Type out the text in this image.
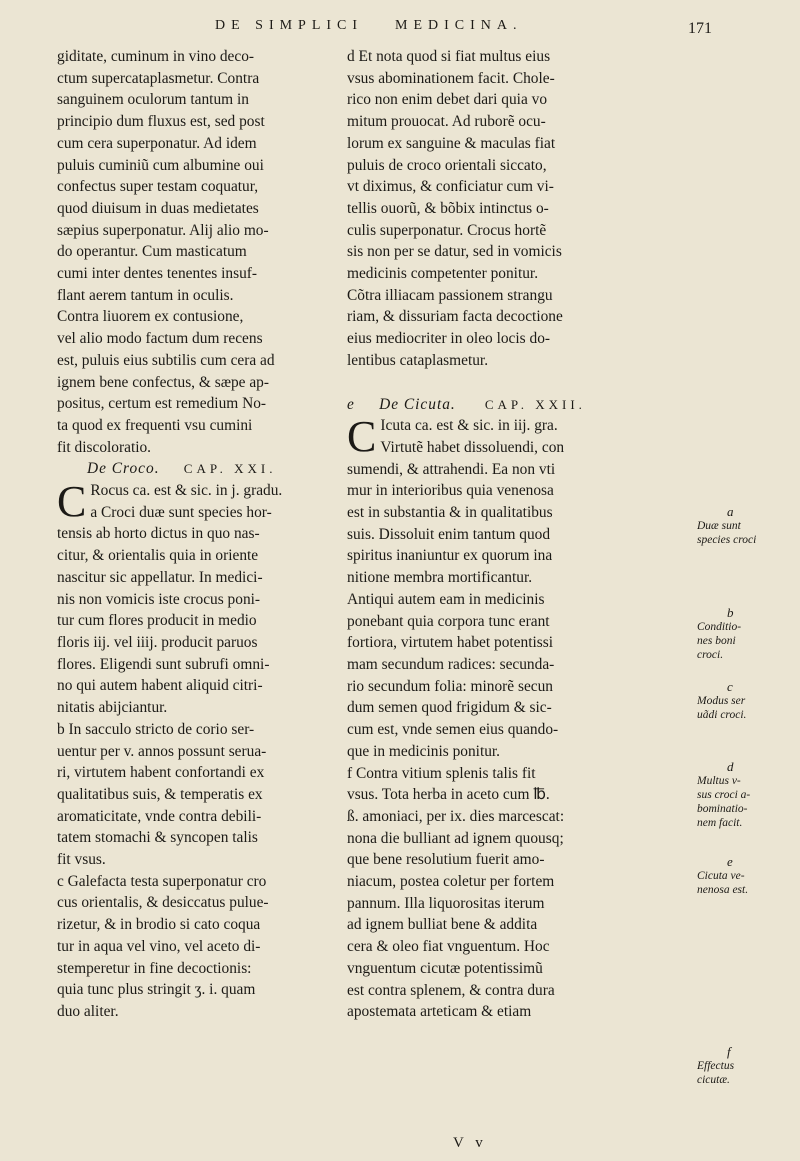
DE SIMPLICI MEDICINA.	171
giditate, cuminum in vino deco-
ctum supercataplasmetur. Contra
sanguinem oculorum tantum in
principio dum fluxus est, sed post
cum cera superponatur. Ad idem
puluis cuminiũ cum albumine oui
confectus super testam coquatur,
quod diuisum in duas medietates
sæpius superponatur. Alij alio mo-
do operantur. Cum masticatum
cumi inter dentes tenentes insuf-
flant aerem tantum in oculis.
Contra liuorem ex contusione,
vel alio modo factum dum recens
est, puluis eius subtilis cum cera ad
ignem bene confectus, & sæpe ap-
positus, certum est remedium No-
ta quod ex frequenti vsu cumini
fit discoloratio.
De Croco. CAP. XXI.
C Rocus ca. est & sic. in j. gradu.
a Croci duæ sunt species hor-
tensis ab horto dictus in quo nas-
citur, & orientalis quia in oriente
nascitur sic appellatur. In medici-
nis non vomicis iste crocus poni-
tur cum flores producit in medio
floris iij. vel iiij. producit paruos
flores. Eligendi sunt subrufi omni-
no qui autem habent aliquid citri-
nitatis abijciantur.
b In sacculo stricto de corio ser-
uentur per v. annos possunt serua-
ri, virtutem habent confortandi ex
qualitatibus suis, & temperatis ex
aromaticitate, vnde contra debili-
tatem stomachi & syncopen talis
fit vsus.
c Galefacta testa superponatur cro
cus orientalis, & desiccatus pulue-
rizetur, & in brodio si cato coqua
tur in aqua vel vino, vel aceto di-
stemperetur in fine decoctionis:
quia tunc plus stringit ʒ. i. quam
duo aliter.
d Et nota quod si fiat multus eius
vsus abominationem facit. Chole-
rico non enim debet dari quia vo
mitum prouocat. Ad ruborẽ ocu-
lorum ex sanguine & maculas fiat
puluis de croco orientali siccato,
vt diximus, & conficiatur cum vi-
tellis ouorũ, & bõbix intinctus o-
culis superponatur. Crocus hortẽ
sis non per se datur, sed in vomicis
medicinis competenter ponitur.
Cõtra illiacam passionem strangu
riam, & dissuriam facta decoctione
eius mediocriter in oleo locis do-
lentibus cataplasmetur.
e De Cicuta. CAP. XXII.
C Icuta ca. est & sic. in iij. gra.
Virtutẽ habet dissoluendi, con
sumendi, & attrahendi. Ea non vti
mur in interioribus quia venenosa
est in substantia & in qualitatibus
suis. Dissoluit enim tantum quod
spiritus inaniuntur ex quorum ina
nitione membra mortificantur.
Antiqui autem eam in medicinis
ponebant quia corpora tunc erant
fortiora, virtutem habet potentissi
mam secundum radices: secunda-
rio secundum folia: minorẽ secun
dum semen quod frigidum & sic-
cum est, vnde semen eius quando-
que in medicinis ponitur.
f Contra vitium splenis talis fit
vsus. Tota herba in aceto cum ℔.
ß. amoniaci, per ix. dies marcescat:
nona die bulliant ad ignem quousq;
que bene resolutium fuerit amo-
niacum, postea coletur per fortem
pannum. Illa liquorositas iterum
ad ignem bulliat bene & addita
cera & oleo fiat vnguentum. Hoc
vnguentum cicutæ potentissimũ
est contra splenem, & contra dura
apostemata arteticam & etiam
a
Duæ sunt
species croci
b
Conditio-
nes boni
croci.
c
Modus ser
uãdi croci.
d
Multus v-
sus croci a-
bominatio-
nem facit.
e
Cicuta ve-
nenosa est.
f
Effectus
cicutæ.
V v
